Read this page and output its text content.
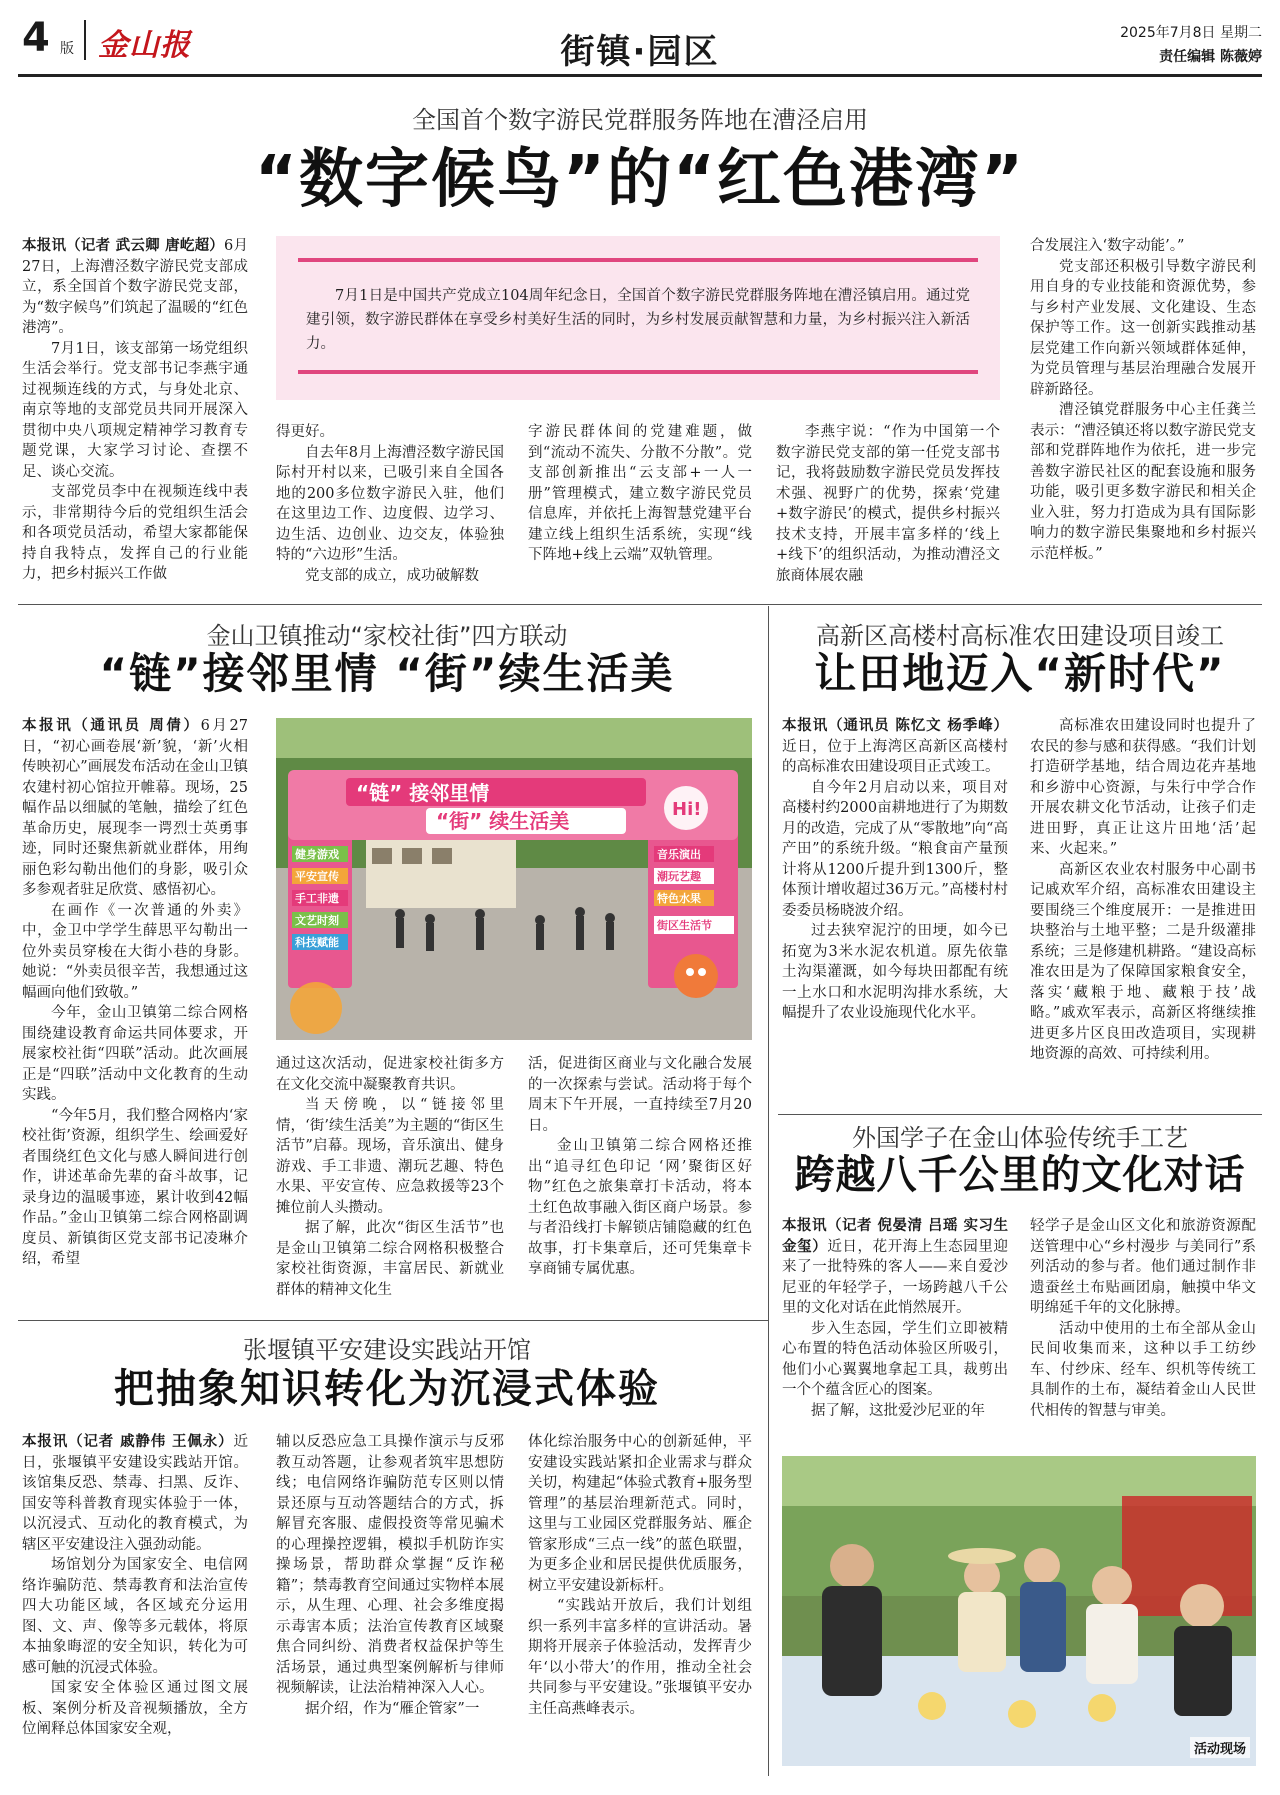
4 版 金山报	街镇·园区	2025年7月8日 星期二
责任编辑 陈薇婷
全国首个数字游民党群服务阵地在漕泾启用
“数字候鸟”的“红色港湾”

本报讯（记者 武云卿 唐屹超）6月27日，上海漕泾数字游民党支部成立，系全国首个数字游民党支部，为“数字候鸟”们筑起了温暖的“红色港湾”。

7月1日，该支部第一场党组织生活会举行。党支部书记李燕宇通过视频连线的方式，与身处北京、南京等地的支部党员共同开展深入贯彻中央八项规定精神学习教育专题党课，大家学习讨论、查摆不足、谈心交流。

支部党员李中在视频连线中表示，非常期待今后的党组织生活会和各项党员活动，希望大家都能保持自我特点，发挥自己的行业能力，把乡村振兴工作做

7月1日是中国共产党成立104周年纪念日，全国首个数字游民党群服务阵地在漕泾镇启用。通过党建引领，数字游民群体在享受乡村美好生活的同时，为乡村发展贡献智慧和力量，为乡村振兴注入新活力。

得更好。

自去年8月上海漕泾数字游民国际村开村以来，已吸引来自全国各地的200多位数字游民入驻，他们在这里边工作、边度假、边学习、边生活、边创业、边交友，体验独特的“六边形”生活。

党支部的成立，成功破解数

字游民群体间的党建难题，做到“流动不流失、分散不分散”。党支部创新推出“云支部+一人一册”管理模式，建立数字游民党员信息库，并依托上海智慧党建平台建立线上组织生活系统，实现“线下阵地+线上云端”双轨管理。

李燕宇说：“作为中国第一个数字游民党支部的第一任党支部书记，我将鼓励数字游民党员发挥技术强、视野广的优势，探索‘党建+数字游民’的模式，提供乡村振兴技术支持，开展丰富多样的‘线上+线下’的组织活动，为推动漕泾文旅商体展农融

合发展注入‘数字动能’。”

党支部还积极引导数字游民利用自身的专业技能和资源优势，参与乡村产业发展、文化建设、生态保护等工作。这一创新实践推动基层党建工作向新兴领域群体延伸，为党员管理与基层治理融合发展开辟新路径。

漕泾镇党群服务中心主任龚兰表示：“漕泾镇还将以数字游民党支部和党群阵地作为依托，进一步完善数字游民社区的配套设施和服务功能，吸引更多数字游民和相关企业入驻，努力打造成为具有国际影响力的数字游民集聚地和乡村振兴示范样板。”

金山卫镇推动“家校社街”四方联动
“链”接邻里情 “街”续生活美

本报讯（通讯员 周倩）6月27日，“初心画卷展‘新’貌，‘新’火相传映初心”画展发布活动在金山卫镇农建村初心馆拉开帷幕。现场，25幅作品以细腻的笔触，描绘了红色革命历史，展现李一谔烈士英勇事迹，同时还聚焦新就业群体，用绚丽色彩勾勒出他们的身影，吸引众多参观者驻足欣赏、感悟初心。

在画作《一次普通的外卖》中，金卫中学学生薛思平勾勒出一位外卖员穿梭在大街小巷的身影。她说：“外卖员很辛苦，我想通过这幅画向他们致敬。”

今年，金山卫镇第二综合网格围绕建设教育命运共同体要求，开展家校社街“四联”活动。此次画展正是“四联”活动中文化教育的生动实践。

“今年5月，我们整合网格内‘家校社街’资源，组织学生、绘画爱好者围绕红色文化与感人瞬间进行创作，讲述革命先辈的奋斗故事，记录身边的温暖事迹，累计收到42幅作品。”金山卫镇第二综合网格副调度员、新镇街区党支部书记凌琳介绍，希望

“链” 接邻里情
“街” 续生活美	Hi!
健身游戏
平安宣传
手工非遗
文艺时刻
科技赋能
音乐演出
潮玩艺趣
特色水果
街区生活节

通过这次活动，促进家校社街多方在文化交流中凝聚教育共识。

当天傍晚，以“链接邻里情，‘街’续生活美”为主题的“街区生活节”启幕。现场，音乐演出、健身游戏、手工非遗、潮玩艺趣、特色水果、平安宣传、应急救援等23个摊位前人头攒动。

据了解，此次“街区生活节”也是金山卫镇第二综合网格积极整合家校社街资源，丰富居民、新就业群体的精神文化生

活，促进街区商业与文化融合发展的一次探索与尝试。活动将于每个周末下午开展，一直持续至7月20日。

金山卫镇第二综合网格还推出“追寻红色印记 ‘网’聚街区好物”红色之旅集章打卡活动，将本土红色故事融入街区商户场景。参与者沿线打卡解锁店铺隐藏的红色故事，打卡集章后，还可凭集章卡享商铺专属优惠。

高新区高楼村高标准农田建设项目竣工
让田地迈入“新时代”

本报讯（通讯员 陈忆文 杨季峰）近日，位于上海湾区高新区高楼村的高标准农田建设项目正式竣工。

自今年2月启动以来，项目对高楼村约2000亩耕地进行了为期数月的改造，完成了从“零散地”向“高产田”的系统升级。“粮食亩产量预计将从1200斤提升到1300斤，整体预计增收超过36万元。”高楼村村委委员杨晓波介绍。

过去狭窄泥泞的田埂，如今已拓宽为3米水泥农机道。原先依靠土沟渠灌溉，如今每块田都配有统一上水口和水泥明沟排水系统，大幅提升了农业设施现代化水平。

高标准农田建设同时也提升了农民的参与感和获得感。“我们计划打造研学基地，结合周边花卉基地和乡游中心资源，与朱行中学合作开展农耕文化节活动，让孩子们走进田野，真正让这片田地‘活’起来、火起来。”

高新区农业农村服务中心副书记戚欢军介绍，高标准农田建设主要围绕三个维度展开：一是推进田块整治与土地平整；二是升级灌排系统；三是修建机耕路。“建设高标准农田是为了保障国家粮食安全，落实‘藏粮于地、藏粮于技’战略。”戚欢军表示，高新区将继续推进更多片区良田改造项目，实现耕地资源的高效、可持续利用。

外国学子在金山体验传统手工艺
跨越八千公里的文化对话

本报讯（记者 倪晏清 吕瑶 实习生 金玺）近日，花开海上生态园里迎来了一批特殊的客人——来自爱沙尼亚的年轻学子，一场跨越八千公里的文化对话在此悄然展开。

步入生态园，学生们立即被精心布置的特色活动体验区所吸引，他们小心翼翼地拿起工具，裁剪出一个个蕴含匠心的图案。

据了解，这批爱沙尼亚的年

轻学子是金山区文化和旅游资源配送管理中心“乡村漫步 与美同行”系列活动的参与者。他们通过制作非遗蚕丝土布贴画团扇，触摸中华文明绵延千年的文化脉搏。

活动中使用的土布全部从金山民间收集而来，这种以手工纺纱车、付纱床、经车、织机等传统工具制作的土布，凝结着金山人民世代相传的智慧与审美。

活动现场
张堰镇平安建设实践站开馆
把抽象知识转化为沉浸式体验

本报讯（记者 戚静伟 王佩永）近日，张堰镇平安建设实践站开馆。该馆集反恐、禁毒、扫黑、反诈、国安等科普教育现实体验于一体，以沉浸式、互动化的教育模式，为辖区平安建设注入强劲动能。

场馆划分为国家安全、电信网络诈骗防范、禁毒教育和法治宣传四大功能区域，各区域充分运用图、文、声、像等多元载体，将原本抽象晦涩的安全知识，转化为可感可触的沉浸式体验。

国家安全体验区通过图文展板、案例分析及音视频播放，全方位阐释总体国家安全观，

辅以反恐应急工具操作演示与反邪教互动答题，让参观者筑牢思想防线；电信网络诈骗防范专区则以情景还原与互动答题结合的方式，拆解冒充客服、虚假投资等常见骗术的心理操控逻辑，模拟手机防诈实操场景，帮助群众掌握“反诈秘籍”；禁毒教育空间通过实物样本展示，从生理、心理、社会多维度揭示毒害本质；法治宣传教育区域聚焦合同纠纷、消费者权益保护等生活场景，通过典型案例解析与律师视频解读，让法治精神深入人心。

据介绍，作为“雁企管家”一

体化综治服务中心的创新延伸，平安建设实践站紧扣企业需求与群众关切，构建起“体验式教育+服务型管理”的基层治理新范式。同时，这里与工业园区党群服务站、雁企管家形成“三点一线”的蓝色联盟，为更多企业和居民提供优质服务，树立平安建设新标杆。

“实践站开放后，我们计划组织一系列丰富多样的宣讲活动。暑期将开展亲子体验活动，发挥青少年‘以小带大’的作用，推动全社会共同参与平安建设。”张堰镇平安办主任高燕峰表示。
